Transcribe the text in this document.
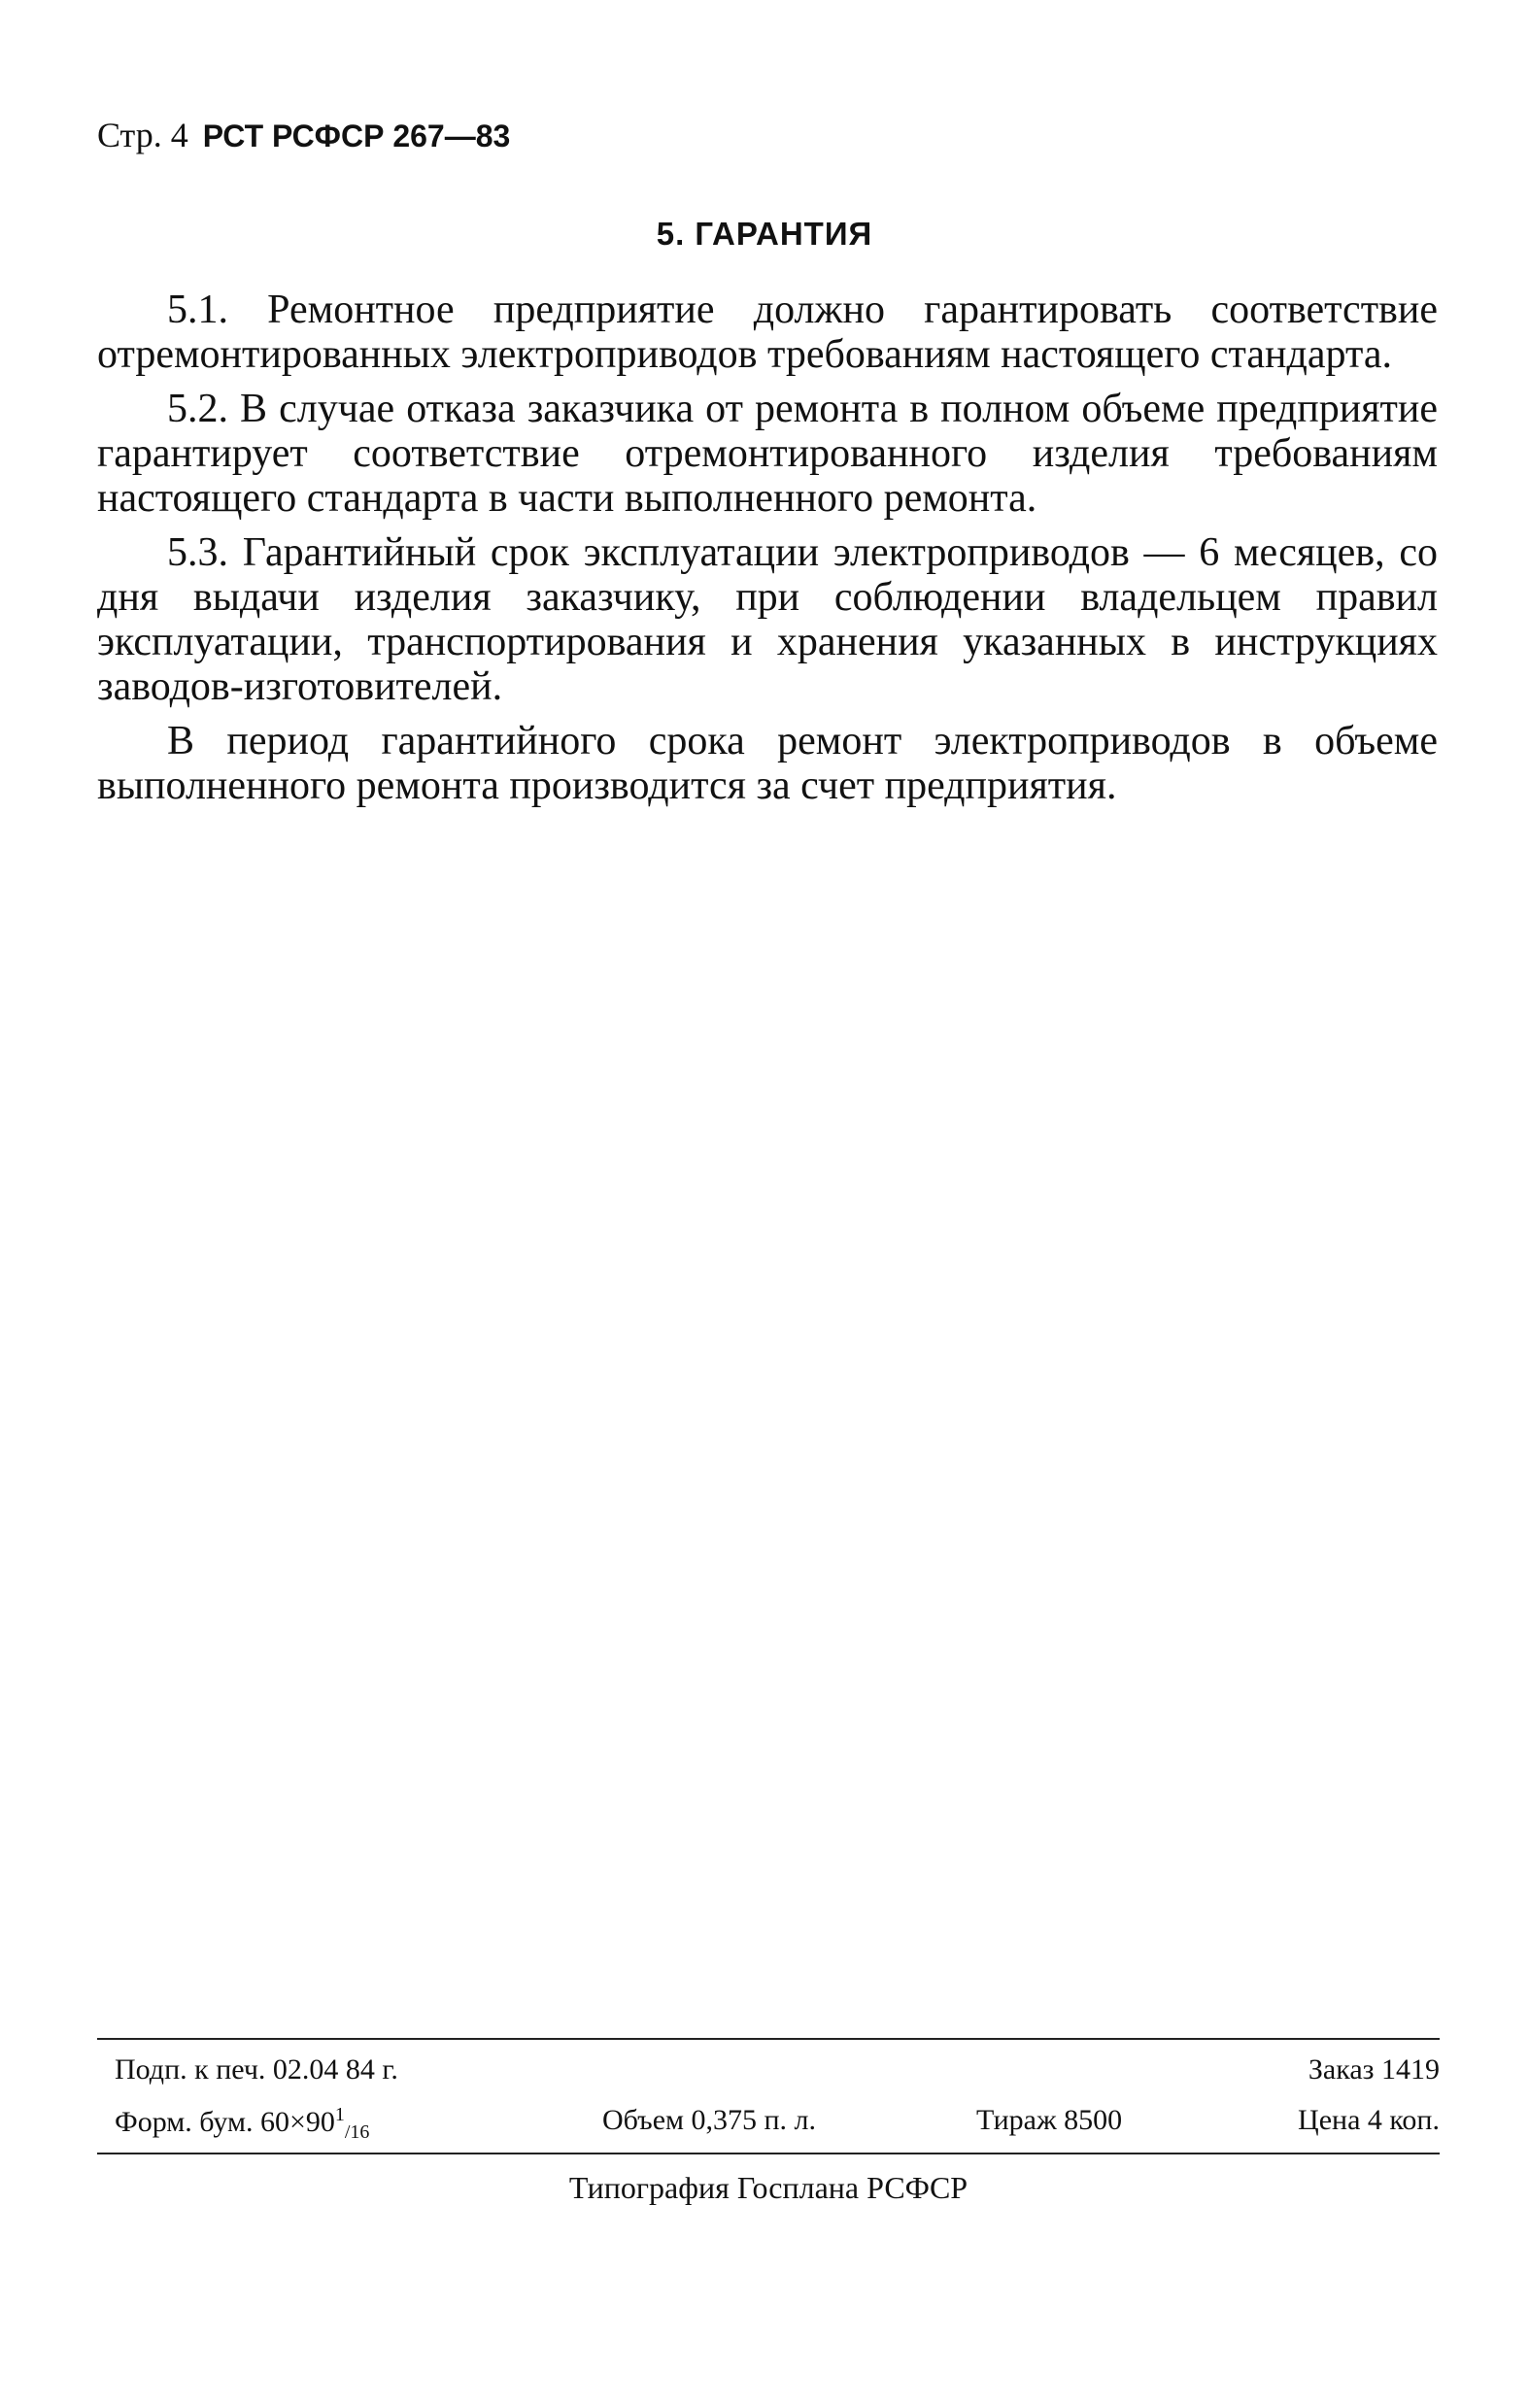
Стр. 4 РСТ РСФСР 267—83
5. ГАРАНТИЯ

5.1. Ремонтное предприятие должно гарантировать соответствие отремонтированных электроприводов требованиям настоящего стандарта.

5.2. В случае отказа заказчика от ремонта в полном объеме предприятие гарантирует соответствие отремонтированного изделия требованиям настоящего стандарта в части выполненного ремонта.

5.3. Гарантийный срок эксплуатации электроприводов — 6 месяцев, со дня выдачи изделия заказчику, при соблюдении владельцем правил эксплуатации, транспортирования и хранения указанных в инструкциях заводов-изготовителей.

В период гарантийного срока ремонт электроприводов в объеме выполненного ремонта производится за счет предприятия.

Подп. к печ. 02.04 84 г.	Заказ 1419
Форм. бум. $60\times 90^1_{/16}$	Объем 0,375 п. л.	Тираж 8500	Цена 4 коп.
Типография Госплана РСФСР
